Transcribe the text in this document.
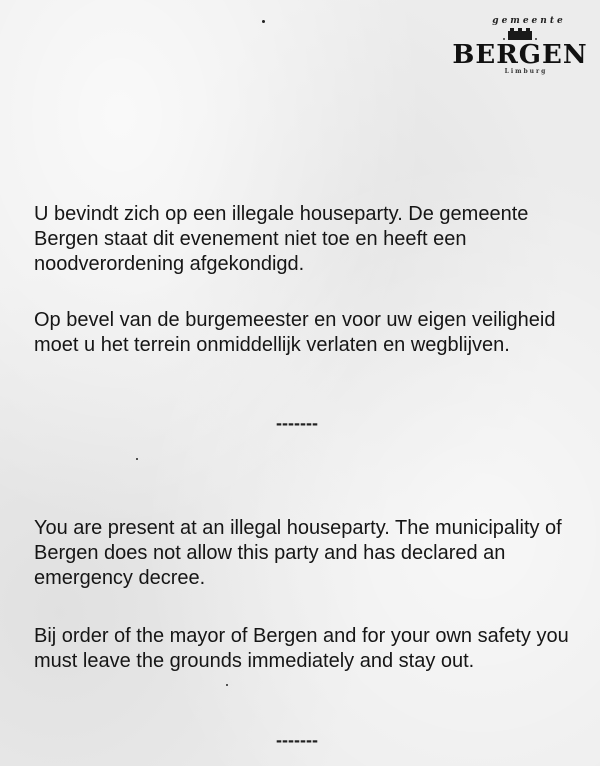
gemeente
BERGEN
Limburg

U bevindt zich op een illegale houseparty. De gemeente Bergen staat dit evenement niet toe en heeft een noodverordening afgekondigd.

Op bevel van de burgemeester en voor uw eigen veiligheid moet u het terrein onmiddellijk verlaten en wegblijven.

-------

You are present at an illegal houseparty. The municipality of Bergen does not allow this party and has declared an emergency decree.

Bij order of the mayor of Bergen and for your own safety you must leave the grounds immediately and stay out.

-------
